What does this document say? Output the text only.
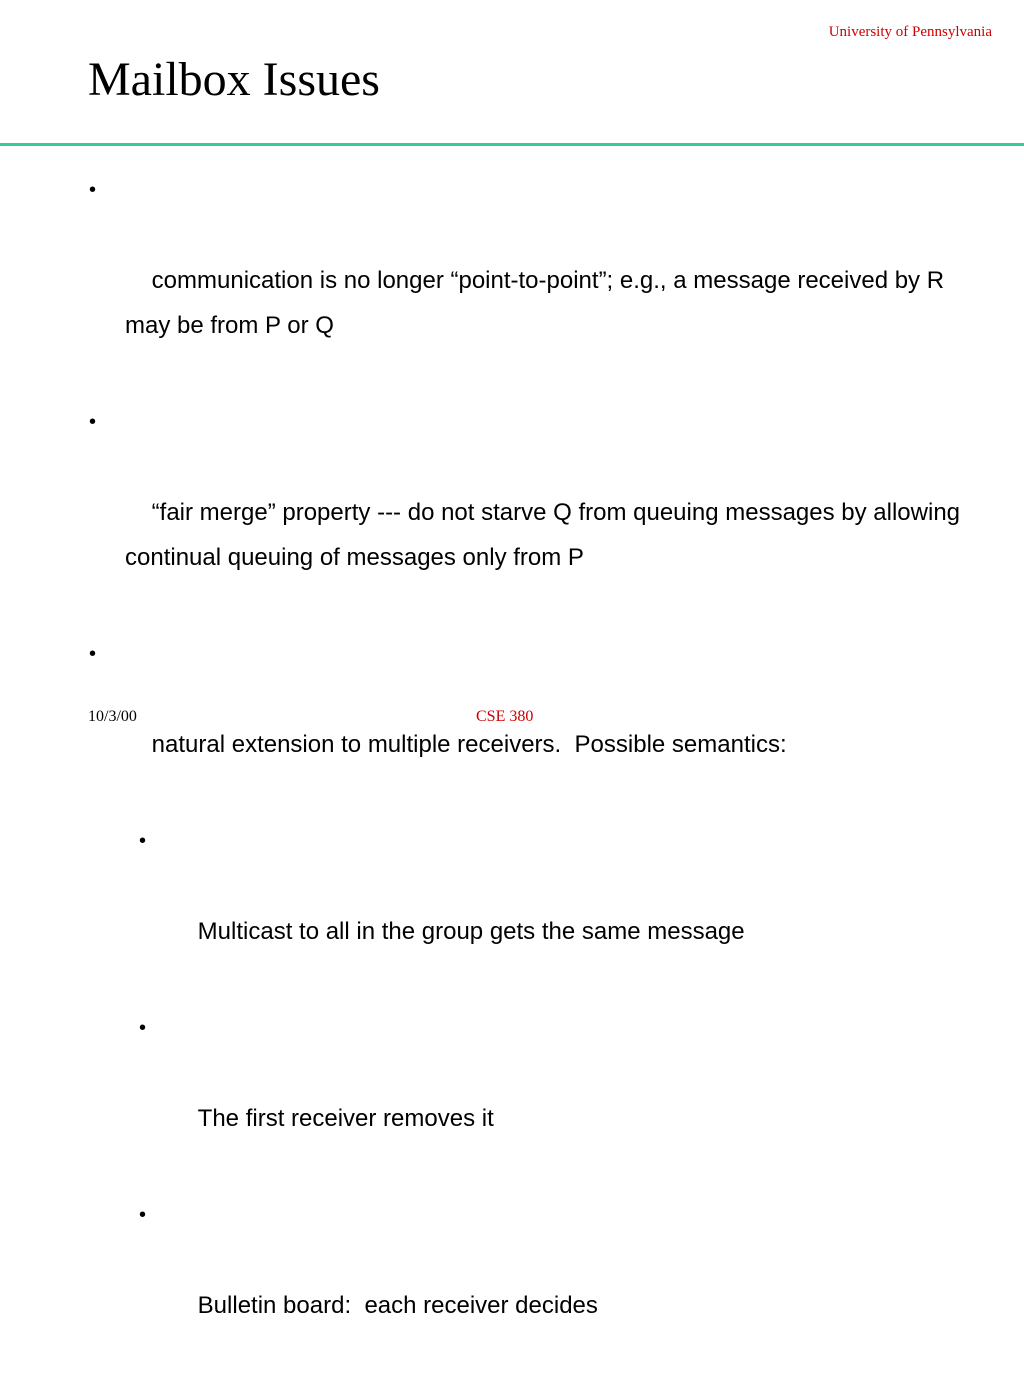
University of Pennsylvania
Mailbox Issues

•

communication is no longer “point-to-point”; e.g., a message received by R may be from P or Q

•

“fair merge” property --- do not starve Q from queuing messages by allowing continual queuing of messages only from P

•

natural extension to multiple receivers.  Possible semantics:

•

Multicast to all in the group gets the same message

•

The first receiver removes it

•

Bulletin board:  each receiver decides

10/3/00	CSE 380
